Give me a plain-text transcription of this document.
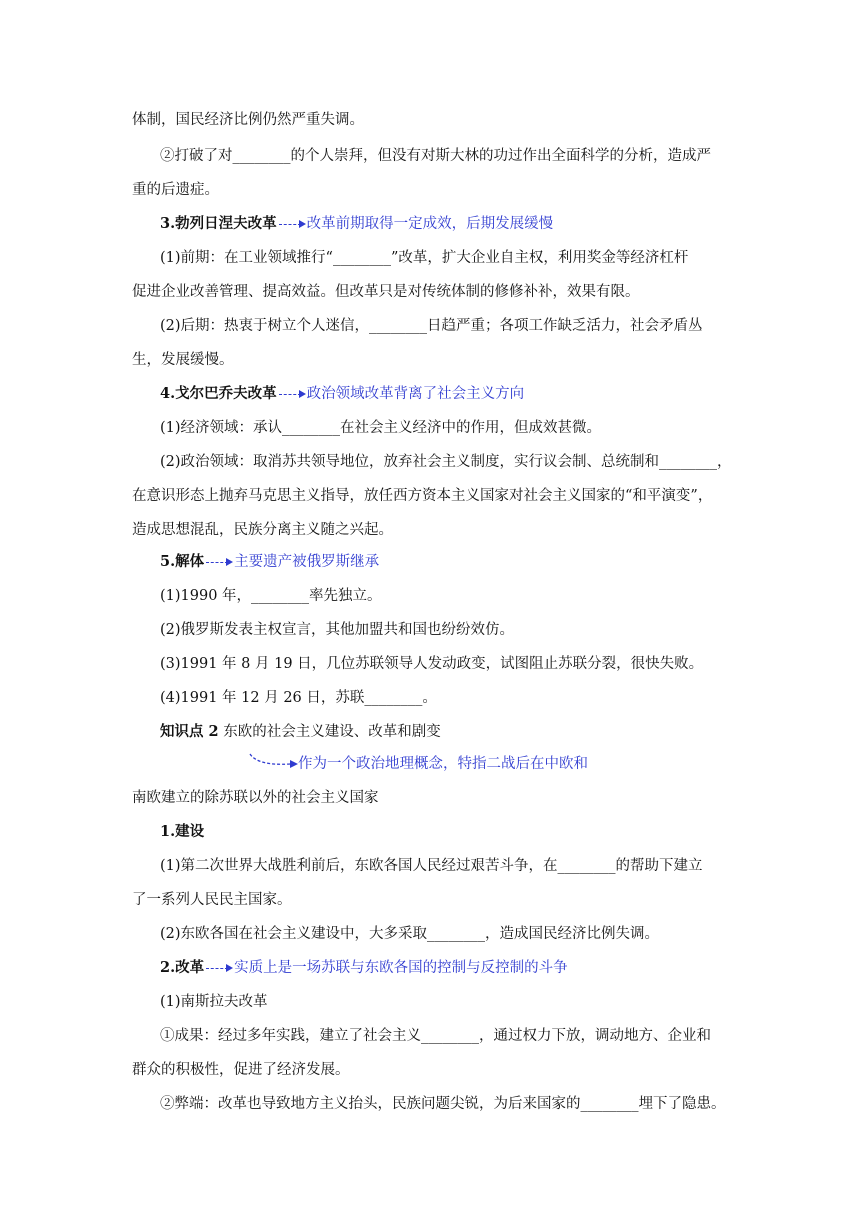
体制，国民经济比例仍然严重失调。
②打破了对________的个人崇拜，但没有对斯大林的功过作出全面科学的分析，造成严
重的后遗症。
3.勃列日涅夫改革 改革前期取得一定成效，后期发展缓慢
(1)前期：在工业领域推行“________”改革，扩大企业自主权，利用奖金等经济杠杆
促进企业改善管理、提高效益。但改革只是对传统体制的修修补补，效果有限。
(2)后期：热衷于树立个人迷信，________日趋严重；各项工作缺乏活力，社会矛盾丛
生，发展缓慢。
4.戈尔巴乔夫改革 政治领域改革背离了社会主义方向
(1)经济领域：承认________在社会主义经济中的作用，但成效甚微。
(2)政治领域：取消苏共领导地位，放弃社会主义制度，实行议会制、总统制和________，
在意识形态上抛弃马克思主义指导，放任西方资本主义国家对社会主义国家的“和平演变”，
造成思想混乱，民族分离主义随之兴起。
5.解体 主要遗产被俄罗斯继承
(1)1990 年，________率先独立。
(2)俄罗斯发表主权宣言，其他加盟共和国也纷纷效仿。
(3)1991 年 8 月 19 日，几位苏联领导人发动政变，试图阻止苏联分裂，很快失败。
(4)1991 年 12 月 26 日，苏联________。
知识点 2 东欧的社会主义建设、改革和剧变
作为一个政治地理概念，特指二战后在中欧和
南欧建立的除苏联以外的社会主义国家
1.建设
(1)第二次世界大战胜利前后，东欧各国人民经过艰苦斗争，在________的帮助下建立
了一系列人民民主国家。
(2)东欧各国在社会主义建设中，大多采取________，造成国民经济比例失调。
2.改革 实质上是一场苏联与东欧各国的控制与反控制的斗争
(1)南斯拉夫改革
①成果：经过多年实践，建立了社会主义________，通过权力下放，调动地方、企业和
群众的积极性，促进了经济发展。
②弊端：改革也导致地方主义抬头，民族问题尖锐，为后来国家的________埋下了隐患。
